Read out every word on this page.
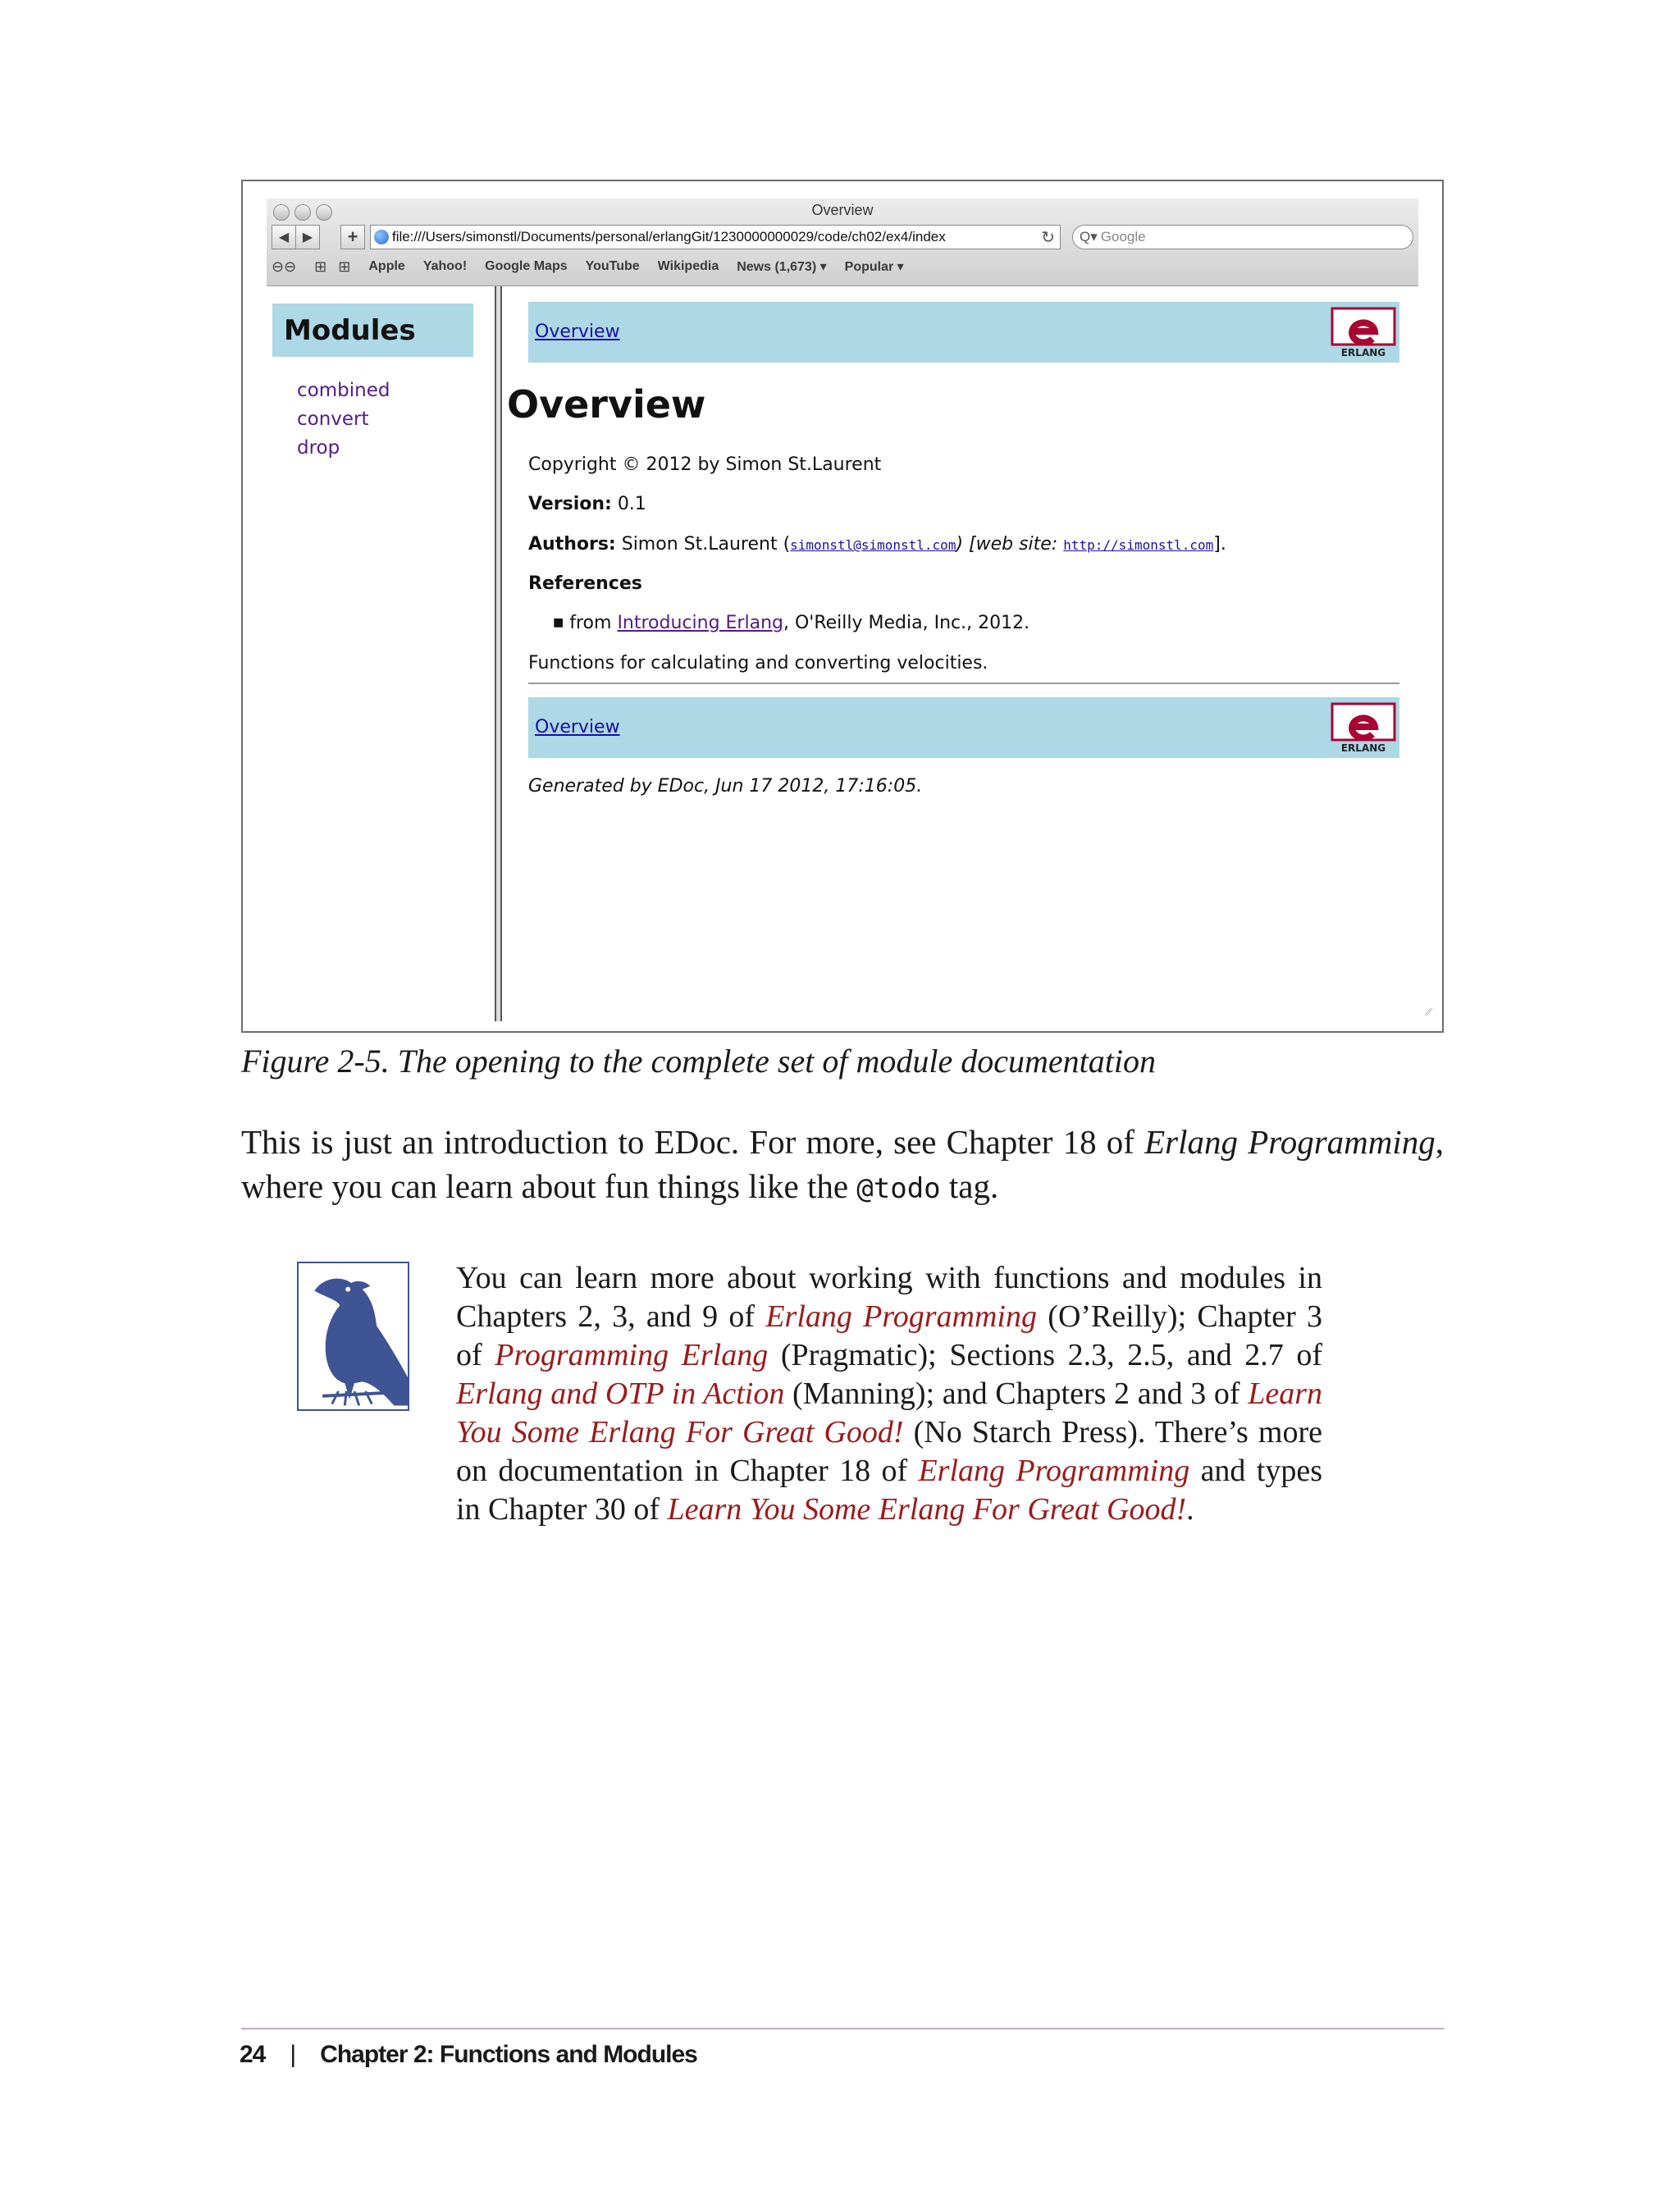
Overview
◀	▶	+	file:///Users/simonstl/Documents/personal/erlangGit/1230000000029/code/ch02/ex4/index	↻ Q▾ Google
⊖⊖ ⊞ ⊞ Apple Yahoo! Google Maps YouTube Wikipedia News (1,673) ▾ Popular ▾
Modules
combined
convert
drop
Overview
ERLANG
Overview
Copyright © 2012 by Simon St.Laurent
Version: 0.1
Authors: Simon St.Laurent (simonstl@simonstl.com) [web site: http://simonstl.com].
References
■ from Introducing Erlang, O'Reilly Media, Inc., 2012.
Functions for calculating and converting velocities.
Overview
ERLANG
Generated by EDoc, Jun 17 2012, 17:16:05.
⁄⁄
Figure 2-5. The opening to the complete set of module documentation
This is just an introduction to EDoc. For more, see Chapter 18 of Erlang Programming, where you can learn about fun things like the @todo tag.
You can learn more about working with functions and modules in Chapters 2, 3, and 9 of Erlang Programming (O’Reilly); Chapter 3 of Programming Erlang (Pragmatic); Sections 2.3, 2.5, and 2.7 of Erlang and OTP in Action (Manning); and Chapters 2 and 3 of Learn You Some Erlang For Great Good! (No Starch Press). There’s more on documentation in Chapter 18 of Erlang Programming and types in Chapter 30 of Learn You Some Erlang For Great Good!.
24 | Chapter 2: Functions and Modules
